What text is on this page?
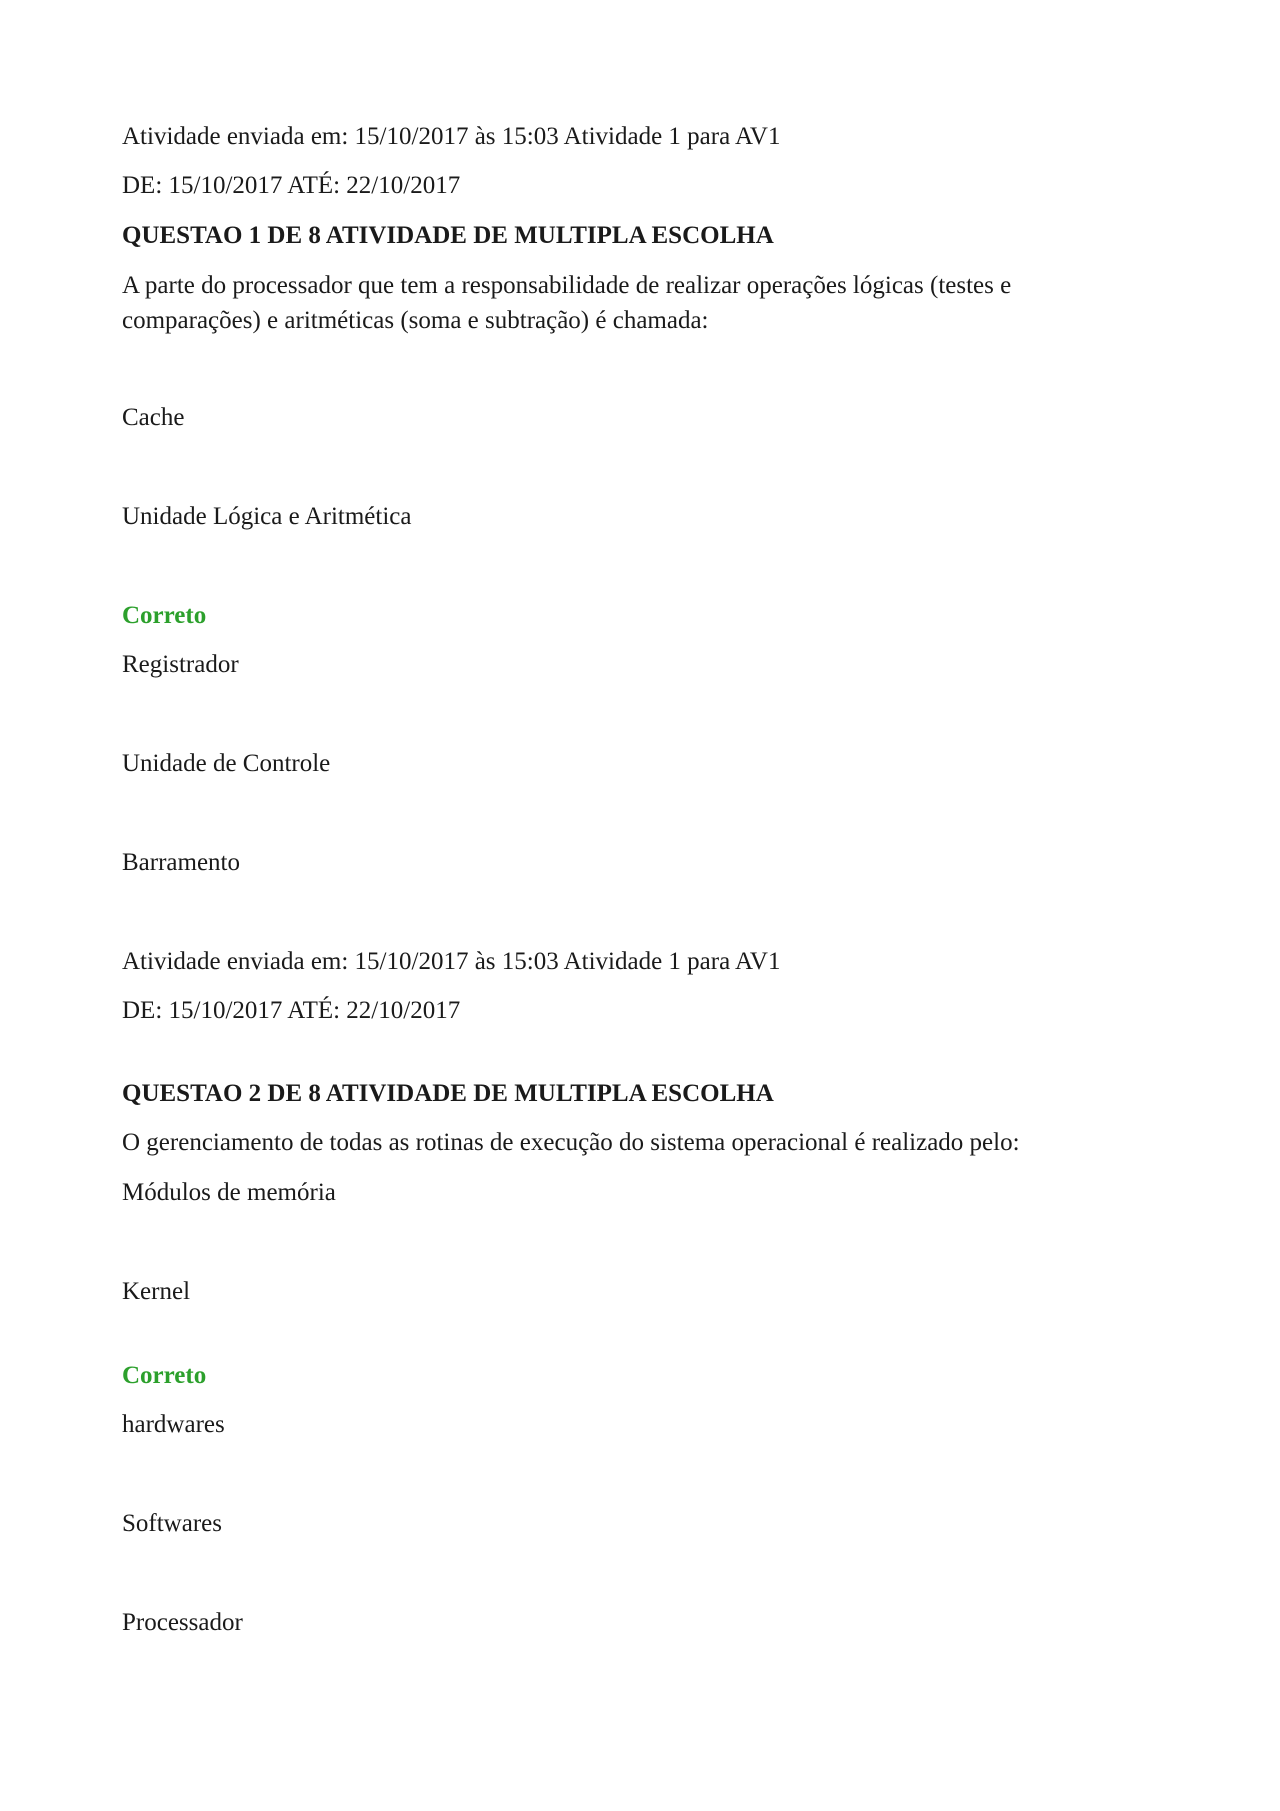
Atividade enviada em: 15/10/2017 às 15:03 Atividade 1 para AV1

DE: 15/10/2017 ATÉ: 22/10/2017

QUESTAO 1 DE 8 ATIVIDADE DE MULTIPLA ESCOLHA

A parte do processador que tem a responsabilidade de realizar operações lógicas (testes e

comparações) e aritméticas (soma e subtração) é chamada:

Cache

Unidade Lógica e Aritmética

Correto

Registrador

Unidade de Controle

Barramento

Atividade enviada em: 15/10/2017 às 15:03 Atividade 1 para AV1

DE: 15/10/2017 ATÉ: 22/10/2017

QUESTAO 2 DE 8 ATIVIDADE DE MULTIPLA ESCOLHA

O gerenciamento de todas as rotinas de execução do sistema operacional é realizado pelo:

Módulos de memória

Kernel

Correto

hardwares

Softwares

Processador
